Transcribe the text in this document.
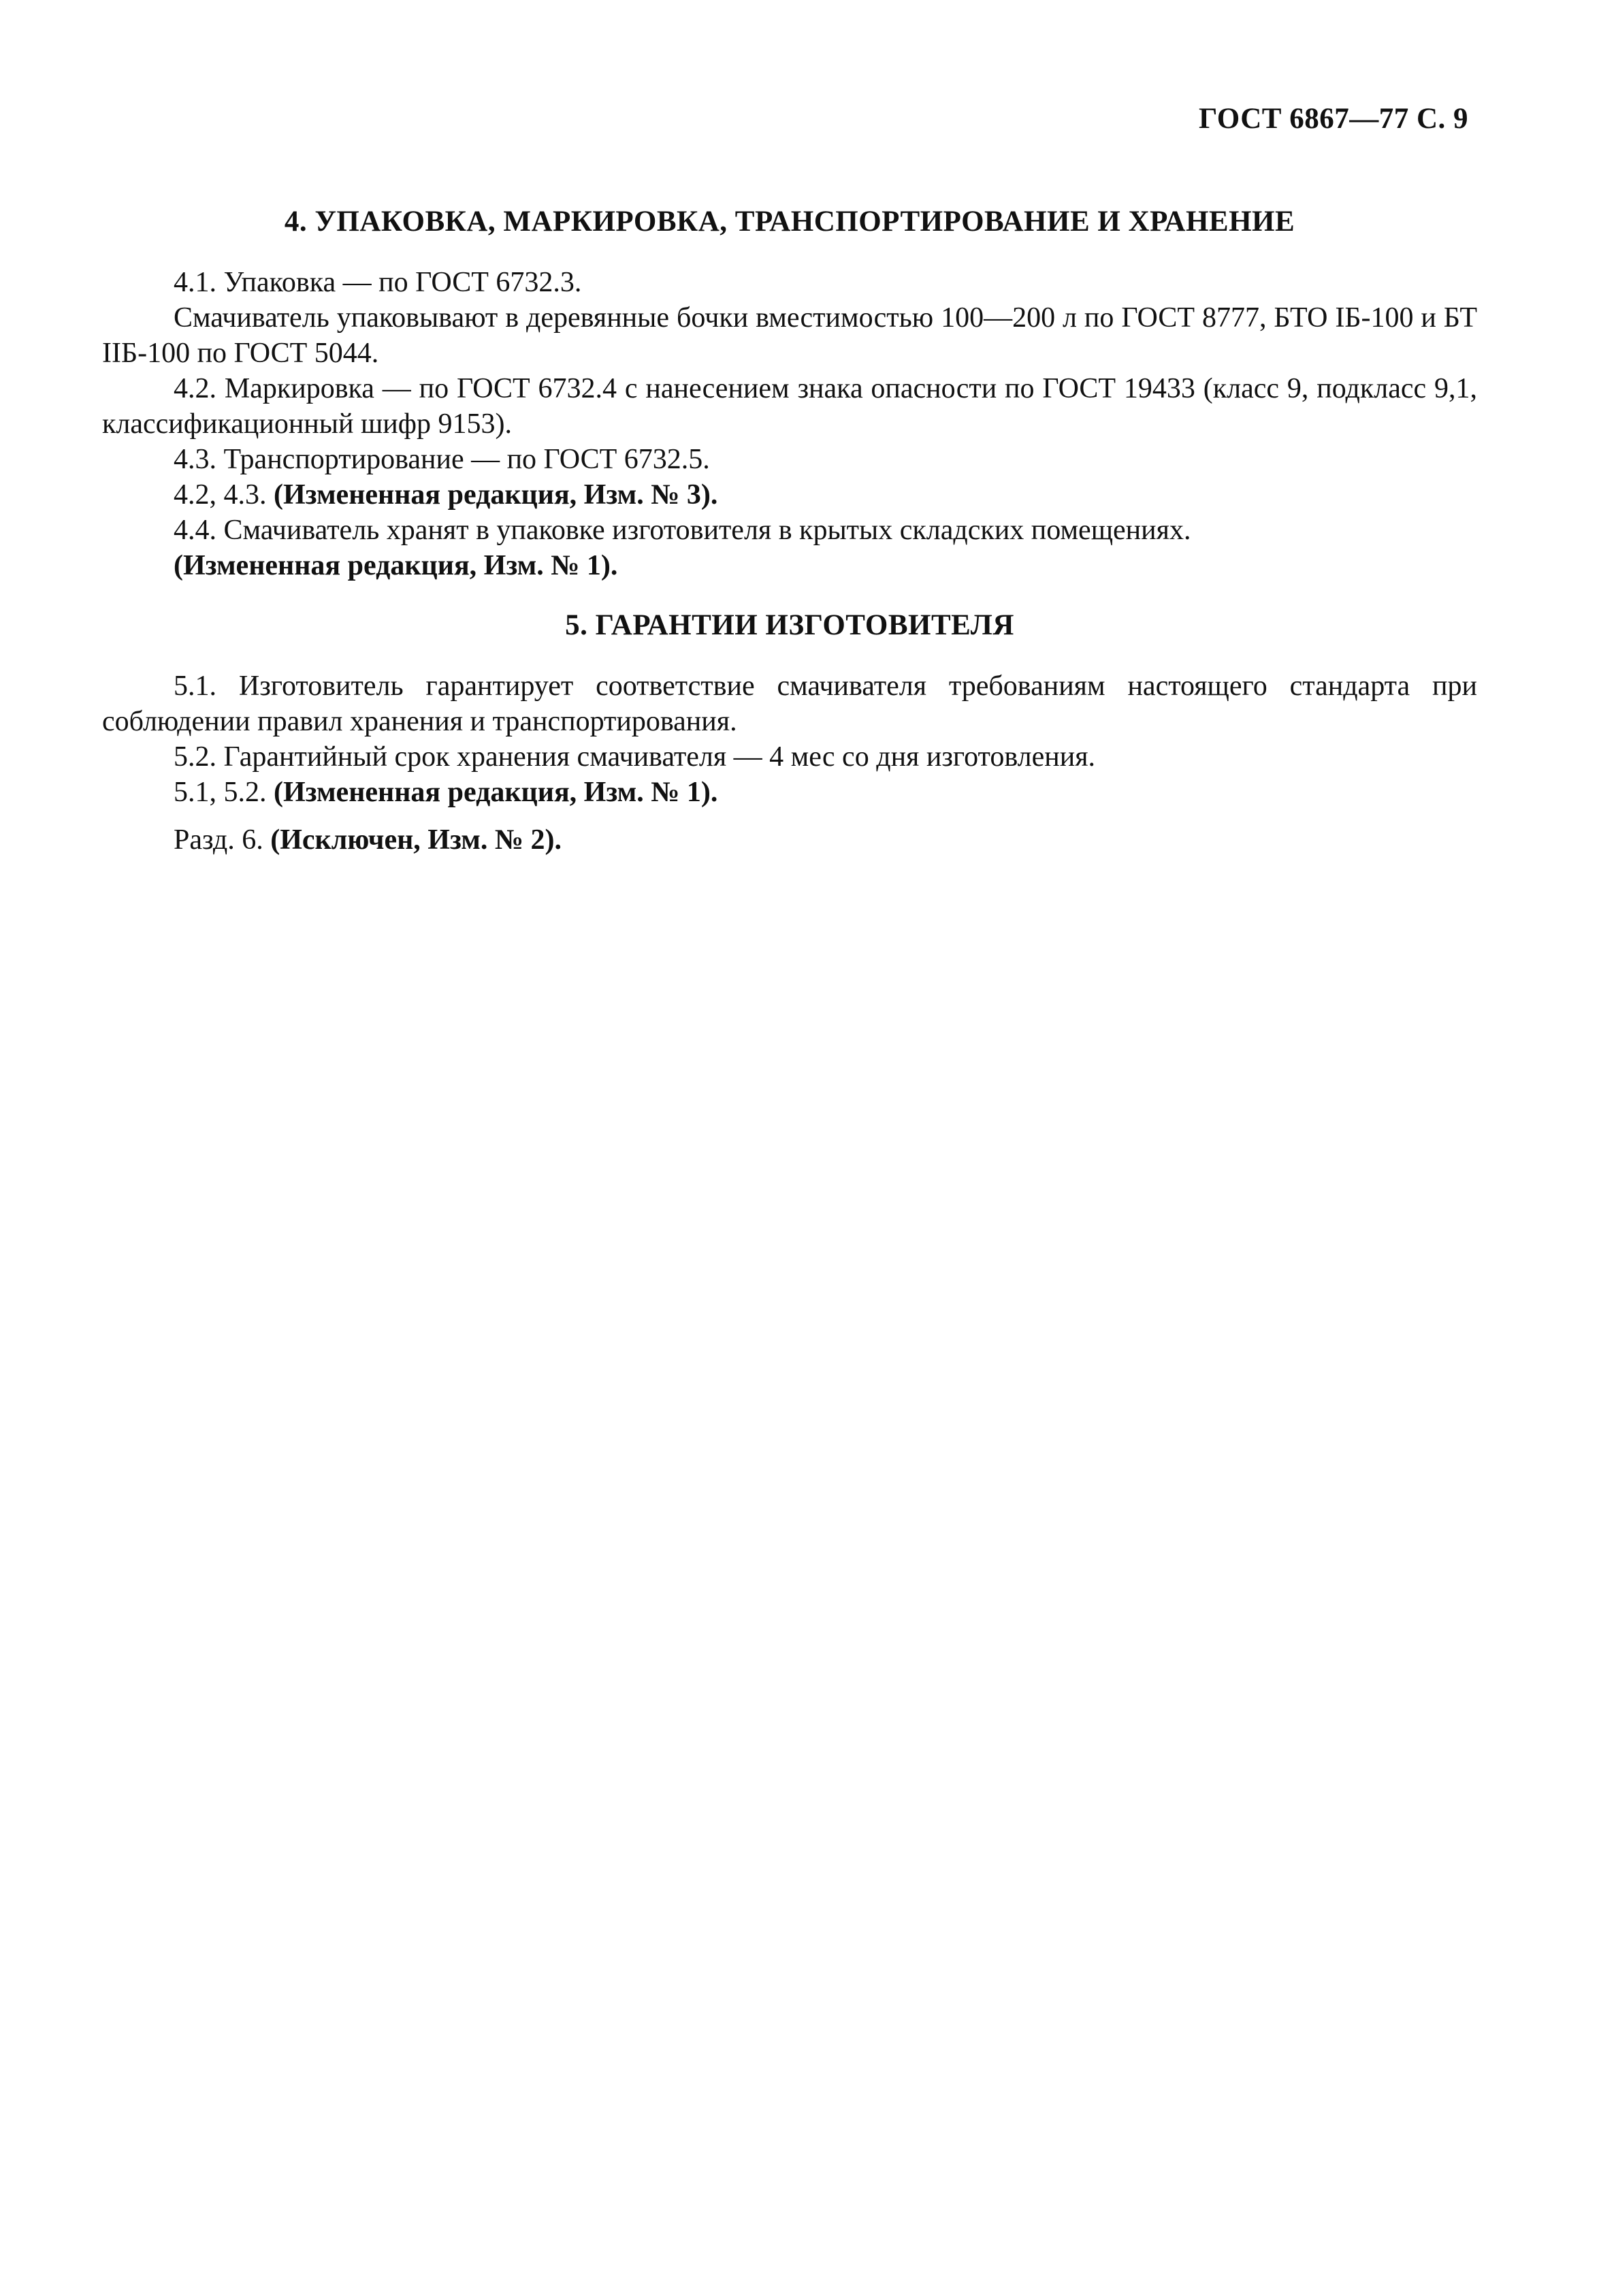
ГОСТ 6867—77 С. 9
4. УПАКОВКА, МАРКИРОВКА, ТРАНСПОРТИРОВАНИЕ И ХРАНЕНИЕ

4.1. Упаковка — по ГОСТ 6732.3.

Смачиватель упаковывают в деревянные бочки вместимостью 100—200 л по ГОСТ 8777, БТО IБ-100 и БТ IIБ-100 по ГОСТ 5044.

4.2. Маркировка — по ГОСТ 6732.4 с нанесением знака опасности по ГОСТ 19433 (класс 9, подкласс 9,1, классификационный шифр 9153).

4.3. Транспортирование — по ГОСТ 6732.5.

4.2, 4.3. (Измененная редакция, Изм. № 3).

4.4. Смачиватель хранят в упаковке изготовителя в крытых складских помещениях.

(Измененная редакция, Изм. № 1).

5. ГАРАНТИИ ИЗГОТОВИТЕЛЯ

5.1. Изготовитель гарантирует соответствие смачивателя требованиям настоящего стандарта при соблюдении правил хранения и транспортирования.

5.2. Гарантийный срок хранения смачивателя — 4 мес со дня изготовления.

5.1, 5.2. (Измененная редакция, Изм. № 1).

Разд. 6. (Исключен, Изм. № 2).
